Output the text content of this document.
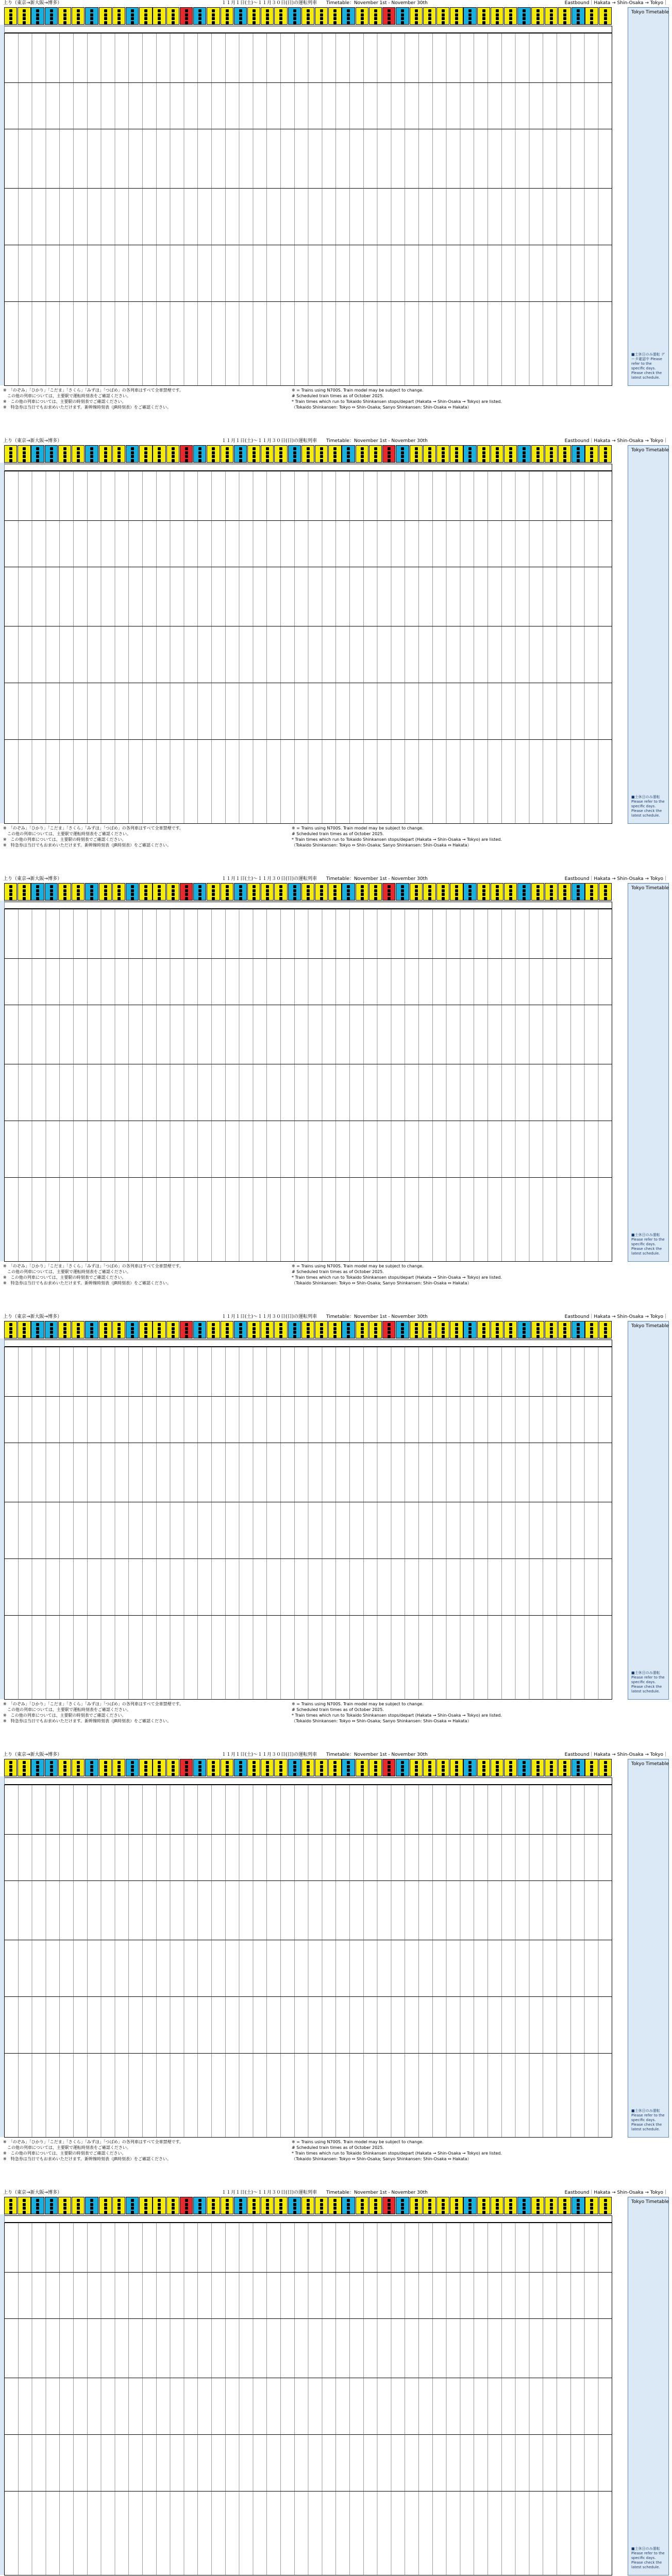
上り（東京→新大阪→博多）	１１月１日(土)～１１月３０日(日)の運転列車　　Timetable：November 1st - November 30th	Eastbound｜Hakata → Shin-Osaka → Tokyo｜
Tokyo Timetable
■土休日のみ運転 データ確認中 Please refer to the specific days. Please check the latest schedule.

※　「のぞみ」「ひかり」「こだま」「さくら」「みずほ」「つばめ」の各列車はすべて全車禁煙です。

　この他の列車については、主要駅で運転時刻表をご確認ください。

※　この他の列車については、主要駅の時刻表でご確認ください。

※　特急券は当日でもお求めいただけます。新幹線時刻表（JR時刻表）をご確認ください。

※ = Trains using N700S. Train model may be subject to change.

# Scheduled train times as of October 2025.

* Train times which run to Tokaido Shinkansen stops/depart (Hakata → Shin-Osaka → Tokyo) are listed.

（Tokaido Shinkansen: Tokyo ⇔ Shin-Osaka; Sanyo Shinkansen: Shin-Osaka ⇔ Hakata）

上り（東京→新大阪→博多）	１１月１日(土)～１１月３０日(日)の運転列車　　Timetable：November 1st - November 30th	Eastbound｜Hakata → Shin-Osaka → Tokyo｜
Tokyo Timetable
■土休日のみ運転 Please refer to the specific days. Please check the latest schedule.

※　「のぞみ」「ひかり」「こだま」「さくら」「みずほ」「つばめ」の各列車はすべて全車禁煙です。

　この他の列車については、主要駅で運転時刻表をご確認ください。

※　この他の列車については、主要駅の時刻表でご確認ください。

※　特急券は当日でもお求めいただけます。新幹線時刻表（JR時刻表）をご確認ください。

※ = Trains using N700S. Train model may be subject to change.

# Scheduled train times as of October 2025.

* Train times which run to Tokaido Shinkansen stops/depart (Hakata → Shin-Osaka → Tokyo) are listed.

（Tokaido Shinkansen: Tokyo ⇔ Shin-Osaka; Sanyo Shinkansen: Shin-Osaka ⇔ Hakata）

上り（東京→新大阪→博多）	１１月１日(土)～１１月３０日(日)の運転列車　　Timetable：November 1st - November 30th	Eastbound｜Hakata → Shin-Osaka → Tokyo｜
Tokyo Timetable
■土休日のみ運転 Please refer to the specific days. Please check the latest schedule.

※　「のぞみ」「ひかり」「こだま」「さくら」「みずほ」「つばめ」の各列車はすべて全車禁煙です。

　この他の列車については、主要駅で運転時刻表をご確認ください。

※　この他の列車については、主要駅の時刻表でご確認ください。

※　特急券は当日でもお求めいただけます。新幹線時刻表（JR時刻表）をご確認ください。

※ = Trains using N700S. Train model may be subject to change.

# Scheduled train times as of October 2025.

* Train times which run to Tokaido Shinkansen stops/depart (Hakata → Shin-Osaka → Tokyo) are listed.

（Tokaido Shinkansen: Tokyo ⇔ Shin-Osaka; Sanyo Shinkansen: Shin-Osaka ⇔ Hakata）

上り（東京→新大阪→博多）	１１月１日(土)～１１月３０日(日)の運転列車　　Timetable：November 1st - November 30th	Eastbound｜Hakata → Shin-Osaka → Tokyo｜
Tokyo Timetable
■土休日のみ運転 Please refer to the specific days. Please check the latest schedule.

※　「のぞみ」「ひかり」「こだま」「さくら」「みずほ」「つばめ」の各列車はすべて全車禁煙です。

　この他の列車については、主要駅で運転時刻表をご確認ください。

※　この他の列車については、主要駅の時刻表でご確認ください。

※　特急券は当日でもお求めいただけます。新幹線時刻表（JR時刻表）をご確認ください。

※ = Trains using N700S. Train model may be subject to change.

# Scheduled train times as of October 2025.

* Train times which run to Tokaido Shinkansen stops/depart (Hakata → Shin-Osaka → Tokyo) are listed.

（Tokaido Shinkansen: Tokyo ⇔ Shin-Osaka; Sanyo Shinkansen: Shin-Osaka ⇔ Hakata）

上り（東京→新大阪→博多）	１１月１日(土)～１１月３０日(日)の運転列車　　Timetable：November 1st - November 30th	Eastbound｜Hakata → Shin-Osaka → Tokyo｜
Tokyo Timetable
■土休日のみ運転 Please refer to the specific days. Please check the latest schedule.

※　「のぞみ」「ひかり」「こだま」「さくら」「みずほ」「つばめ」の各列車はすべて全車禁煙です。

　この他の列車については、主要駅で運転時刻表をご確認ください。

※　この他の列車については、主要駅の時刻表でご確認ください。

※　特急券は当日でもお求めいただけます。新幹線時刻表（JR時刻表）をご確認ください。

※ = Trains using N700S. Train model may be subject to change.

# Scheduled train times as of October 2025.

* Train times which run to Tokaido Shinkansen stops/depart (Hakata → Shin-Osaka → Tokyo) are listed.

（Tokaido Shinkansen: Tokyo ⇔ Shin-Osaka; Sanyo Shinkansen: Shin-Osaka ⇔ Hakata）

上り（東京→新大阪→博多）	１１月１日(土)～１１月３０日(日)の運転列車　　Timetable：November 1st - November 30th	Eastbound｜Hakata → Shin-Osaka → Tokyo｜
Tokyo Timetable
■土休日のみ運転 Please refer to the specific days. Please check the latest schedule.
